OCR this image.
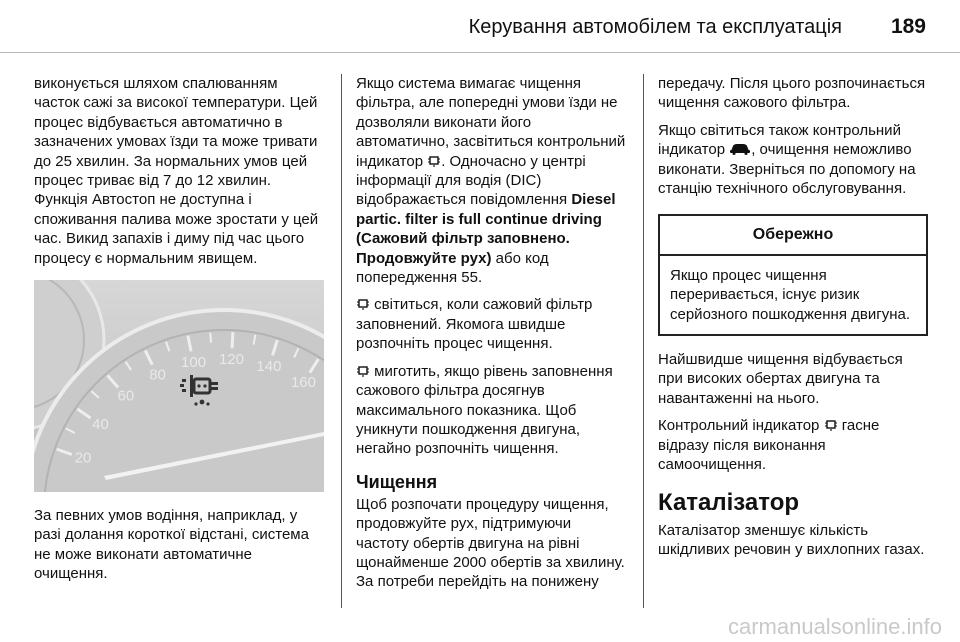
Керування автомобілем та експлуатація 189

виконується шляхом спалюванням часток сажі за високої температури. Цей процес відбувається автоматично в зазначених умовах їзди та може тривати до 25 хвилин. За нормальних умов цей процес триває від 7 до 12 хвилин. Функція Автостоп не доступна і споживання палива може зростати у цей час. Викид запахів і диму під час цього процесу є нормальним явищем.

20
40
60
80
100 120 140
160

За певних умов водіння, наприклад, у разі долання короткої відстані, система не може виконати автоматичне очищення.

Якщо система вимагає чищення фільтра, але попередні умови їзди не дозволяли виконати його автоматично, засвітиться контрольний індикатор . Одночасно у центрі інформації для водія (DIC) відображається повідомлення Diesel partic. filter is full continue driving (Сажовий фільтр заповнено. Продовжуйте рух) або код попередження 55.

світиться, коли сажовий фільтр заповнений. Якомога швидше розпочніть процес чищення.

миготить, якщо рівень заповнення сажового фільтра досягнув максимального показника. Щоб уникнути пошкодження двигуна, негайно розпочніть чищення.

Чищення

Щоб розпочати процедуру чищення, продовжуйте рух, підтримуючи частоту обертів двигуна на рівні щонайменше 2000 обертів за хвилину. За потреби перейдіть на понижену

передачу. Після цього розпочинається чищення сажового фільтра.

Якщо світиться також контрольний індикатор , очищення неможливо виконати. Зверніться по допомогу на станцію технічного обслуговування.

Обережно
Якщо процес чищення переривається, існує ризик серйозного пошкодження двигуна.

Найшвидше чищення відбувається при високих обертах двигуна та навантаженні на нього.

Контрольний індикатор гасне відразу після виконання самоочищення.

Каталізатор

Каталізатор зменшує кількість шкідливих речовин у вихлопних газах.

carmanualsonline.info
